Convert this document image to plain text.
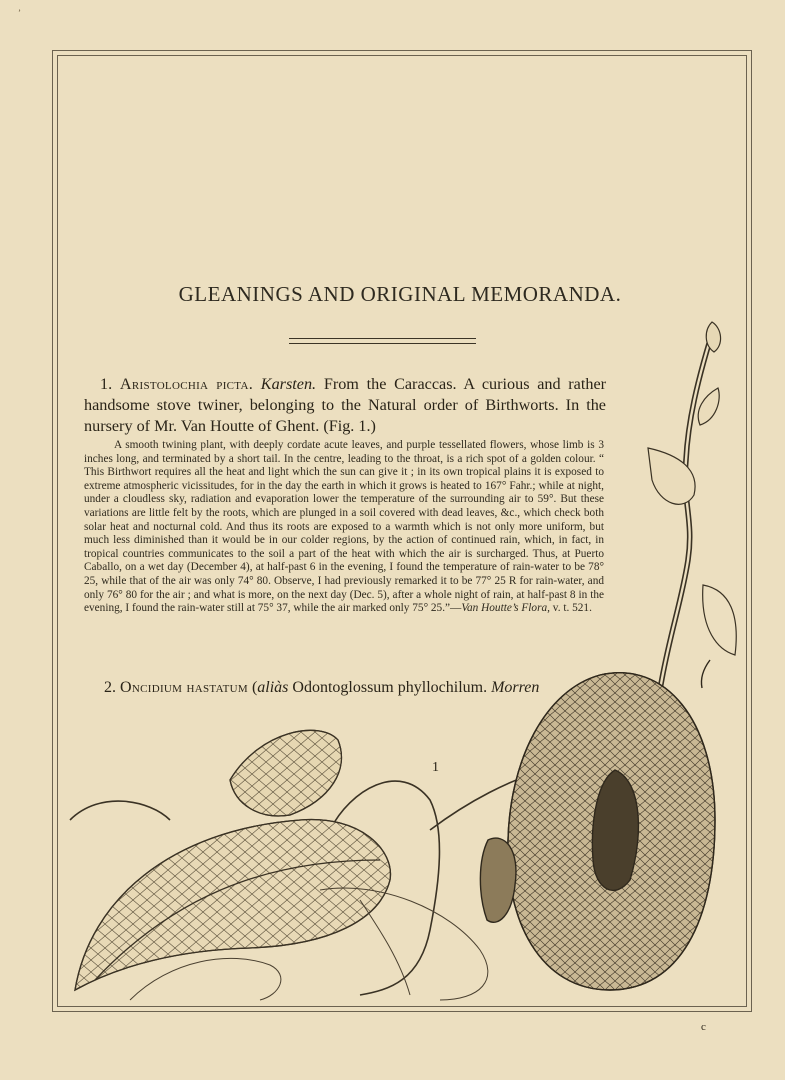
’
GLEANINGS AND ORIGINAL MEMORANDA.
1. Aristolochia picta. Karsten. From the Caraccas. A curious and rather handsome stove twiner, belonging to the Natural order of Birthworts. In the nursery of Mr. Van Houtte of Ghent. (Fig. 1.)

A smooth twining plant, with deeply cordate acute leaves, and purple tessellated flowers, whose limb is 3 inches long, and terminated by a short tail. In the centre, leading to the throat, is a rich spot of a golden colour. “ This Birthwort requires all the heat and light which the sun can give it ; in its own tropical plains it is exposed to extreme atmospheric vicissitudes, for in the day the earth in which it grows is heated to 167° Fahr.; while at night, under a cloudless sky, radiation and evaporation lower the temperature of the surrounding air to 59°. But these variations are little felt by the roots, which are plunged in a soil covered with dead leaves, &c., which check both solar heat and nocturnal cold. And thus its roots are exposed to a warmth which is not only more uniform, but much less diminished than it would be in our colder regions, by the action of continued rain, which, in fact, in tropical countries communicates to the soil a part of the heat with which the air is surcharged. Thus, at Puerto Caballo, on a wet day (December 4), at half-past 6 in the evening, I found the temperature of rain-water to be 78° 25, while that of the air was only 74° 80. Observe, I had previously remarked it to be 77° 25 R for rain-water, and only 76° 80 for the air ; and what is more, on the next day (Dec. 5), after a whole night of rain, at half-past 8 in the evening, I found the rain-water still at 75° 37, while the air marked only 75° 25.”—Van Houtte’s Flora, v. t. 521.

2. Oncidium hastatum (aliàs Odontoglossum phyllochilum. Morren
1
c
